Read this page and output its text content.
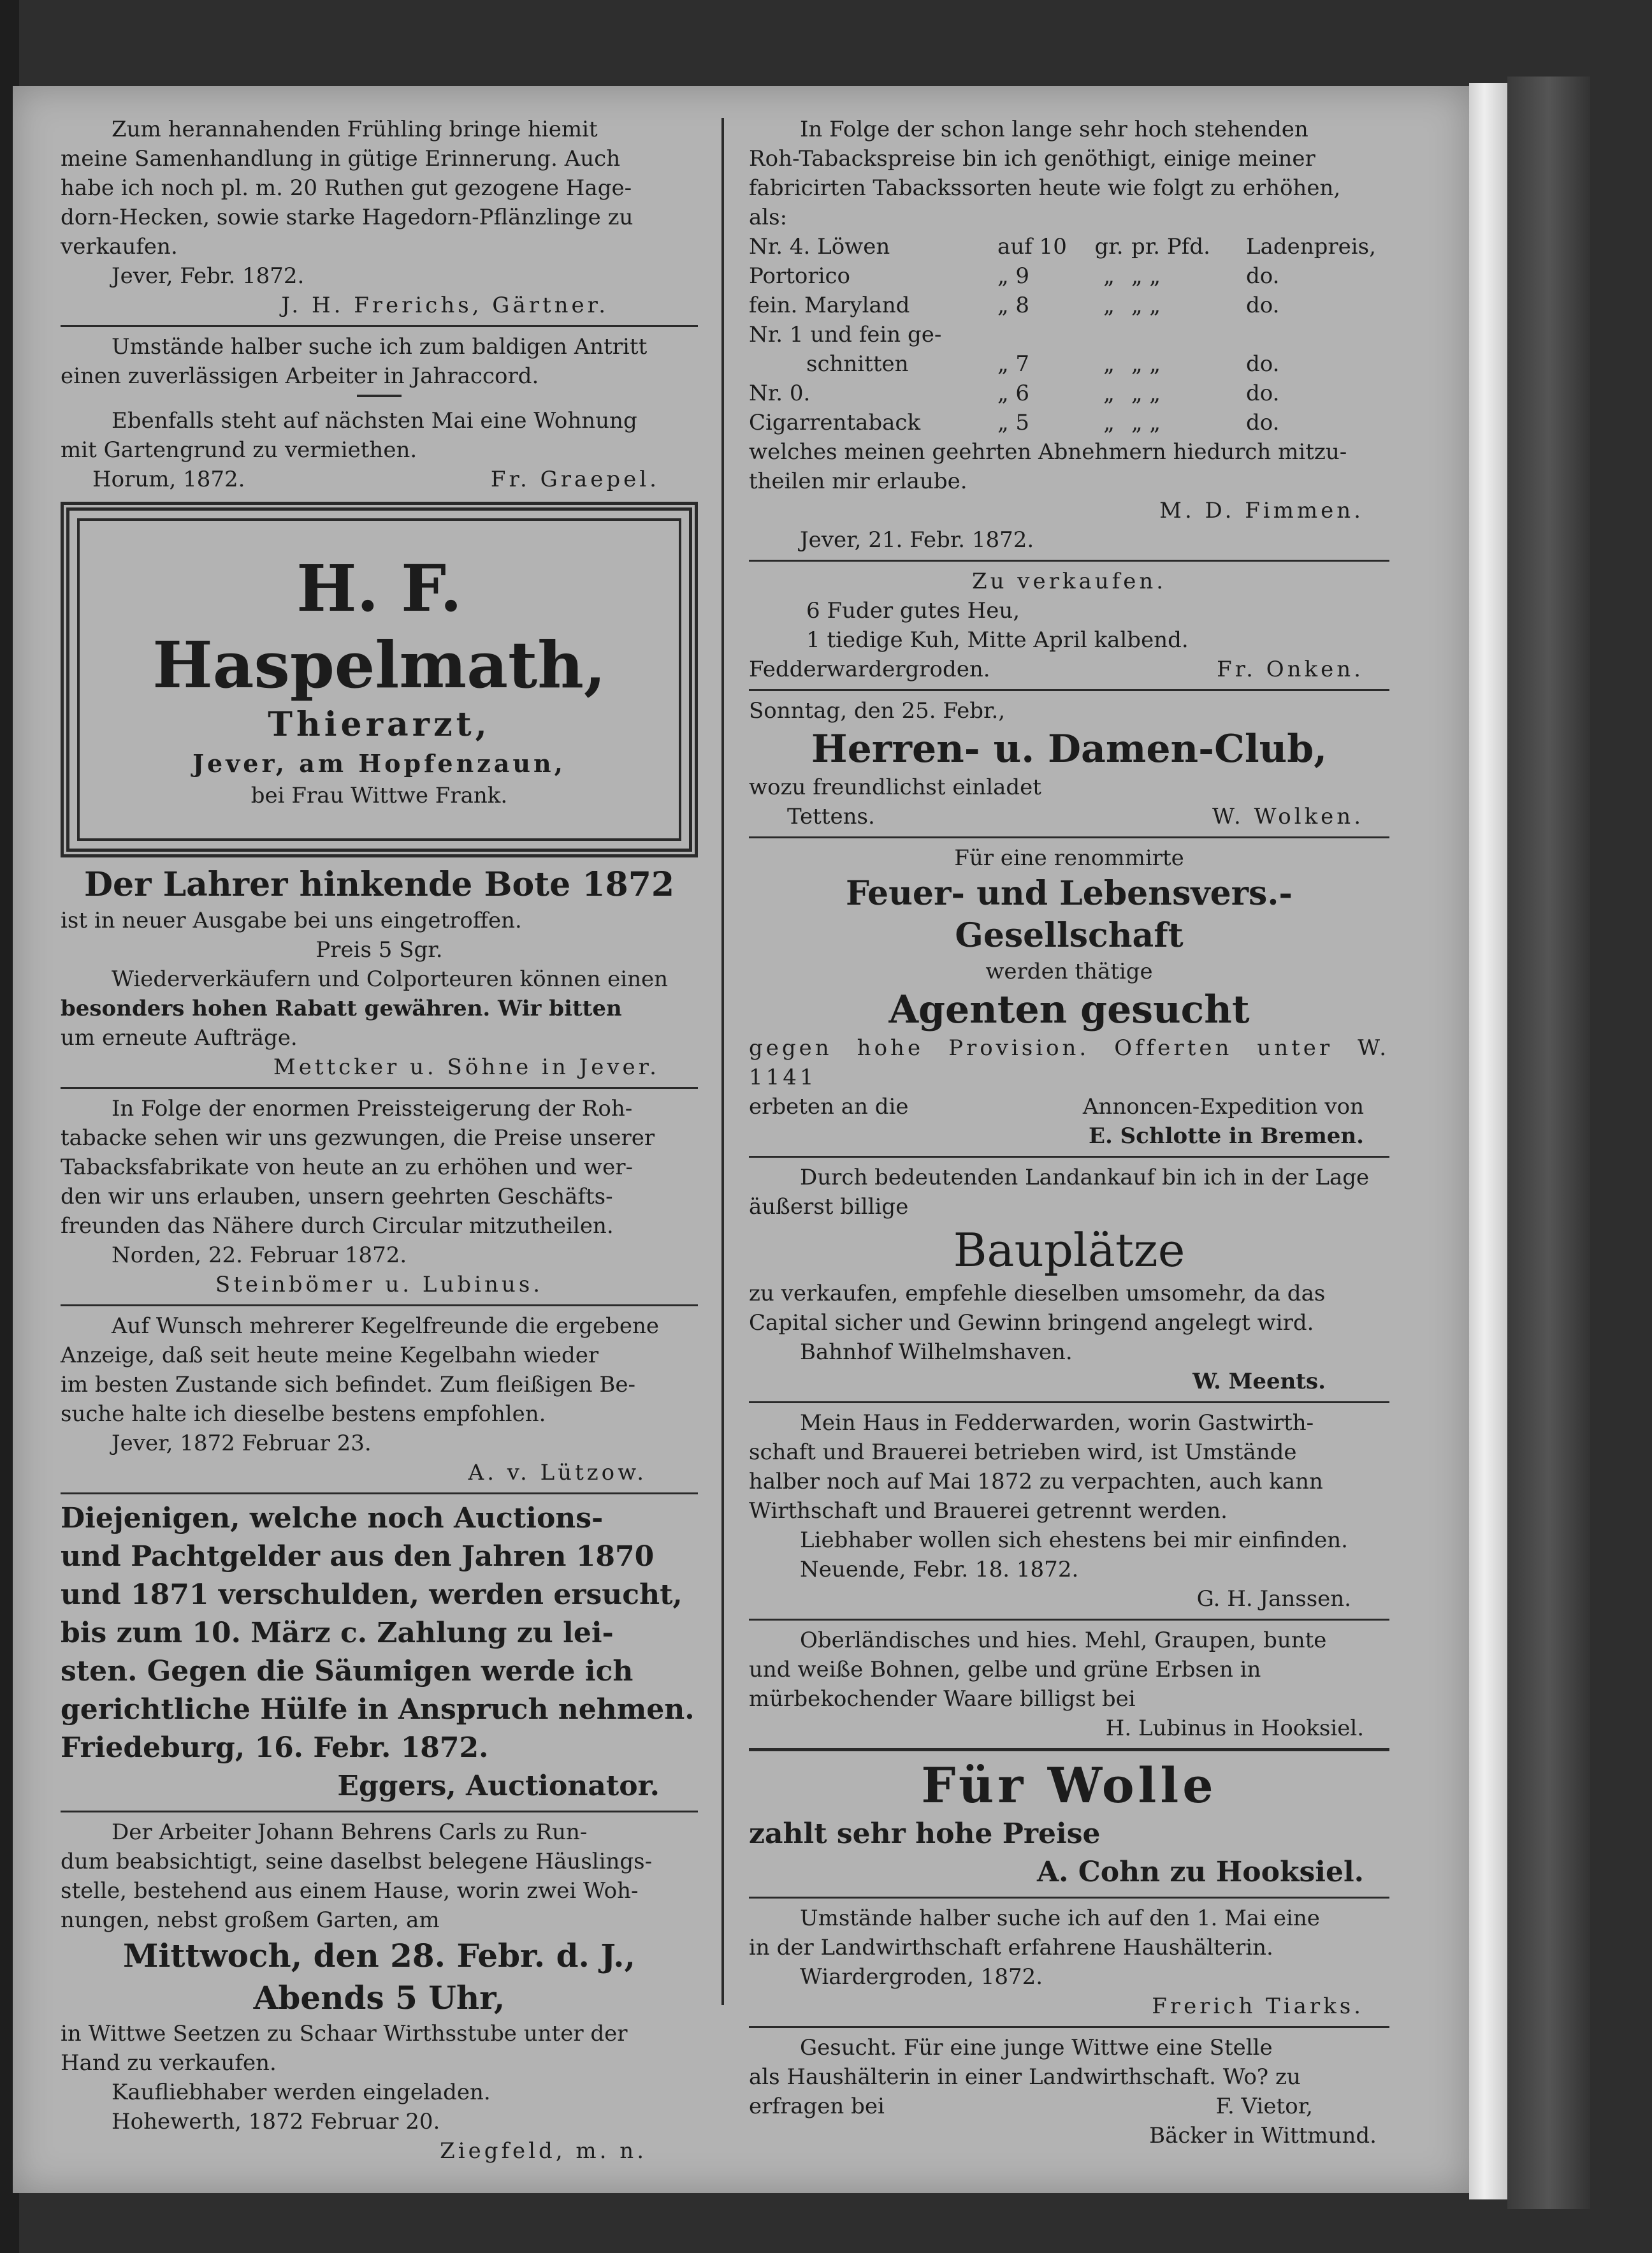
Zum herannahenden Frühling bringe hiemit

meine Samenhandlung in gütige Erinnerung. Auch

habe ich noch pl. m. 20 Ruthen gut gezogene Hage-

dorn-Hecken, sowie starke Hagedorn-Pflänzlinge zu

verkaufen.

Jever, Febr. 1872.

J. H. Frerichs, Gärtner.

Umstände halber suche ich zum baldigen Antritt

einen zuverlässigen Arbeiter in Jahraccord.

Ebenfalls steht auf nächsten Mai eine Wohnung

mit Gartengrund zu vermiethen.

Horum, 1872.	Fr. Graepel.

H. F. Haspelmath,
Thierarzt,
Jever, am Hopfenzaun,
bei Frau Wittwe Frank.

Der Lahrer hinkende Bote 1872

ist in neuer Ausgabe bei uns eingetroffen.

Preis 5 Sgr.

Wiederverkäufern und Colporteuren können einen

besonders hohen Rabatt gewähren. Wir bitten

um erneute Aufträge.

Mettcker u. Söhne in Jever.

In Folge der enormen Preissteigerung der Roh-

tabacke sehen wir uns gezwungen, die Preise unserer

Tabacksfabrikate von heute an zu erhöhen und wer-

den wir uns erlauben, unsern geehrten Geschäfts-

freunden das Nähere durch Circular mitzutheilen.

Norden, 22. Februar 1872.

Steinbömer u. Lubinus.

Auf Wunsch mehrerer Kegelfreunde die ergebene

Anzeige, daß seit heute meine Kegelbahn wieder

im besten Zustande sich befindet. Zum fleißigen Be-

suche halte ich dieselbe bestens empfohlen.

Jever, 1872 Februar 23.

A. v. Lützow.

Diejenigen, welche noch Auctions-

und Pachtgelder aus den Jahren 1870

und 1871 verschulden, werden ersucht,

bis zum 10. März c. Zahlung zu lei-

sten. Gegen die Säumigen werde ich

gerichtliche Hülfe in Anspruch nehmen.

Friedeburg, 16. Febr. 1872.

Eggers, Auctionator.

Der Arbeiter Johann Behrens Carls zu Run-

dum beabsichtigt, seine daselbst belegene Häuslings-

stelle, bestehend aus einem Hause, worin zwei Woh-

nungen, nebst großem Garten, am

Mittwoch, den 28. Febr. d. J.,

Abends 5 Uhr,

in Wittwe Seetzen zu Schaar Wirthsstube unter der

Hand zu verkaufen.

Kaufliebhaber werden eingeladen.

Hohewerth, 1872 Februar 20.

Ziegfeld, m. n.

In Folge der schon lange sehr hoch stehenden

Roh-Tabackspreise bin ich genöthigt, einige meiner

fabricirten Tabackssorten heute wie folgt zu erhöhen,

als:

Nr. 4. Löwen	auf 10	gr. pr. Pfd.	Ladenpreis,
Portorico	„ 9	„ „ „	do.
fein. Maryland	„ 8	„ „ „	do.
Nr. 1 und fein ge-
schnitten	„ 7	„ „ „	do.
Nr. 0.	„ 6	„ „ „	do.
Cigarrentaback	„ 5	„ „ „	do.

welches meinen geehrten Abnehmern hiedurch mitzu-

theilen mir erlaube.

M. D. Fimmen.

Jever, 21. Febr. 1872.

Zu verkaufen.

6 Fuder gutes Heu,

1 tiedige Kuh, Mitte April kalbend.

Fedderwardergroden.	Fr. Onken.

Sonntag, den 25. Febr.,

Herren- u. Damen-Club,

wozu freundlichst einladet

Tettens.	W. Wolken.

Für eine renommirte

Feuer- und Lebensvers.-Gesellschaft

werden thätige

Agenten gesucht

gegen hohe Provision. Offerten unter W. 1141

erbeten an die	Annoncen-Expedition von

E. Schlotte in Bremen.

Durch bedeutenden Landankauf bin ich in der Lage

äußerst billige

Bauplätze

zu verkaufen, empfehle dieselben umsomehr, da das

Capital sicher und Gewinn bringend angelegt wird.

Bahnhof Wilhelmshaven.

W. Meents.

Mein Haus in Fedderwarden, worin Gastwirth-

schaft und Brauerei betrieben wird, ist Umstände

halber noch auf Mai 1872 zu verpachten, auch kann

Wirthschaft und Brauerei getrennt werden.

Liebhaber wollen sich ehestens bei mir einfinden.

Neuende, Febr. 18. 1872.

G. H. Janssen.

Oberländisches und hies. Mehl, Graupen, bunte

und weiße Bohnen, gelbe und grüne Erbsen in

mürbekochender Waare billigst bei

H. Lubinus in Hooksiel.

Für Wolle

zahlt sehr hohe Preise

A. Cohn zu Hooksiel.

Umstände halber suche ich auf den 1. Mai eine

in der Landwirthschaft erfahrene Haushälterin.

Wiardergroden, 1872.

Frerich Tiarks.

Gesucht. Für eine junge Wittwe eine Stelle

als Haushälterin in einer Landwirthschaft. Wo? zu

erfragen bei	F. Vietor,

Bäcker in Wittmund.
